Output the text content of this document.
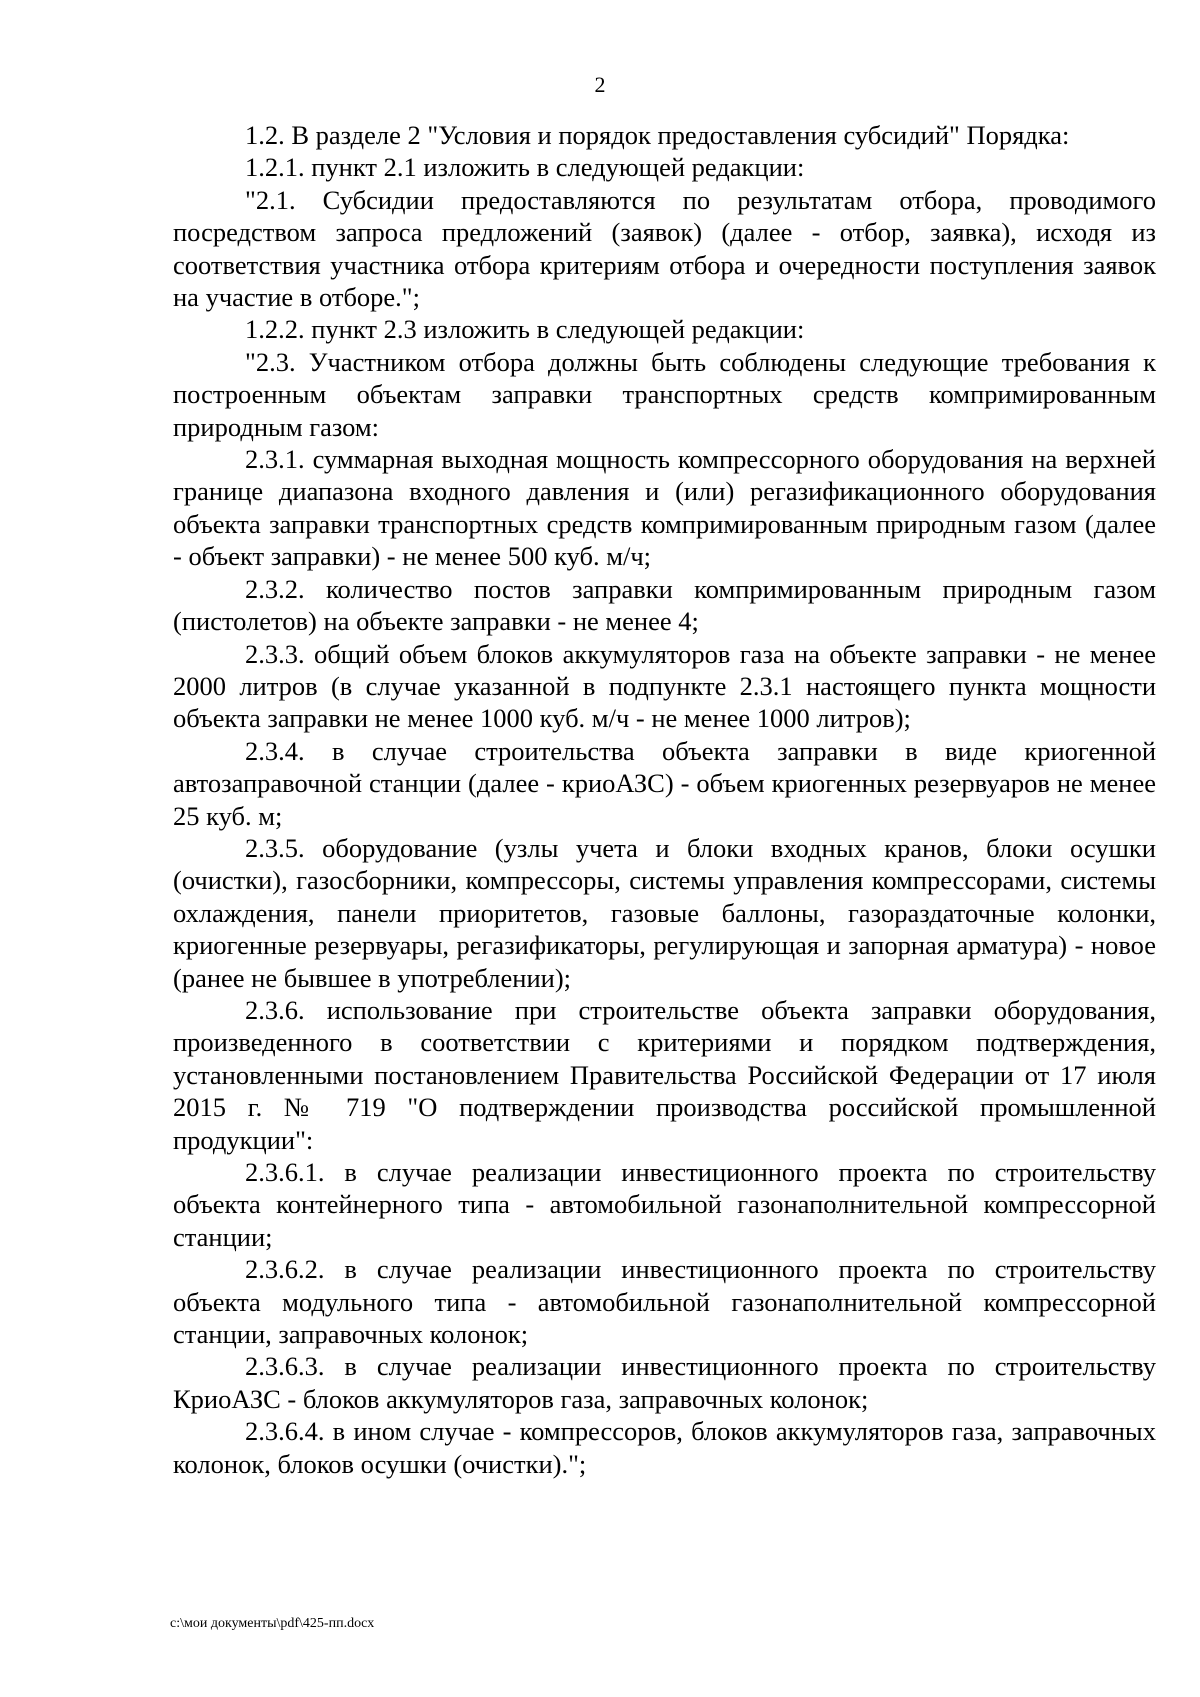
2

1.2. В разделе 2 "Условия и порядок предоставления субсидий" Порядка:

1.2.1. пункт 2.1 изложить в следующей редакции:

"2.1. Субсидии предоставляются по результатам отбора, проводимого посредством запроса предложений (заявок) (далее - отбор, заявка), исходя из соответствия участника отбора критериям отбора и очередности поступления заявок на участие в отборе.";

1.2.2. пункт 2.3 изложить в следующей редакции:

"2.3. Участником отбора должны быть соблюдены следующие требования к построенным объектам заправки транспортных средств компримированным природным газом:

2.3.1. суммарная выходная мощность компрессорного оборудования на верхней границе диапазона входного давления и (или) регазификационного оборудования объекта заправки транспортных средств компримированным природным газом (далее - объект заправки) - не менее 500 куб. м/ч;

2.3.2. количество постов заправки компримированным природным газом (пистолетов) на объекте заправки - не менее 4;

2.3.3. общий объем блоков аккумуляторов газа на объекте заправки - не менее 2000 литров (в случае указанной в подпункте 2.3.1 настоящего пункта мощности объекта заправки не менее 1000 куб. м/ч - не менее 1000 литров);

2.3.4. в случае строительства объекта заправки в виде криогенной автозаправочной станции (далее - криоАЗС) - объем криогенных резервуаров не менее 25 куб. м;

2.3.5. оборудование (узлы учета и блоки входных кранов, блоки осушки (очистки), газосборники, компрессоры, системы управления компрессорами, системы охлаждения, панели приоритетов, газовые баллоны, газораздаточные колонки, криогенные резервуары, регазификаторы, регулирующая и запорная арматура) - новое (ранее не бывшее в употреблении);

2.3.6. использование при строительстве объекта заправки оборудования, произведенного в соответствии с критериями и порядком подтверждения, установленными постановлением Правительства Российской Федерации от 17 июля 2015 г. № 719 "О подтверждении производства российской промышленной продукции":

2.3.6.1. в случае реализации инвестиционного проекта по строительству объекта контейнерного типа - автомобильной газонаполнительной компрессорной станции;

2.3.6.2. в случае реализации инвестиционного проекта по строительству объекта модульного типа - автомобильной газонаполнительной компрессорной станции, заправочных колонок;

2.3.6.3. в случае реализации инвестиционного проекта по строительству КриоАЗС - блоков аккумуляторов газа, заправочных колонок;

2.3.6.4. в ином случае - компрессоров, блоков аккумуляторов газа, заправочных колонок, блоков осушки (очистки).";

c:\мои документы\pdf\425-пп.docx
